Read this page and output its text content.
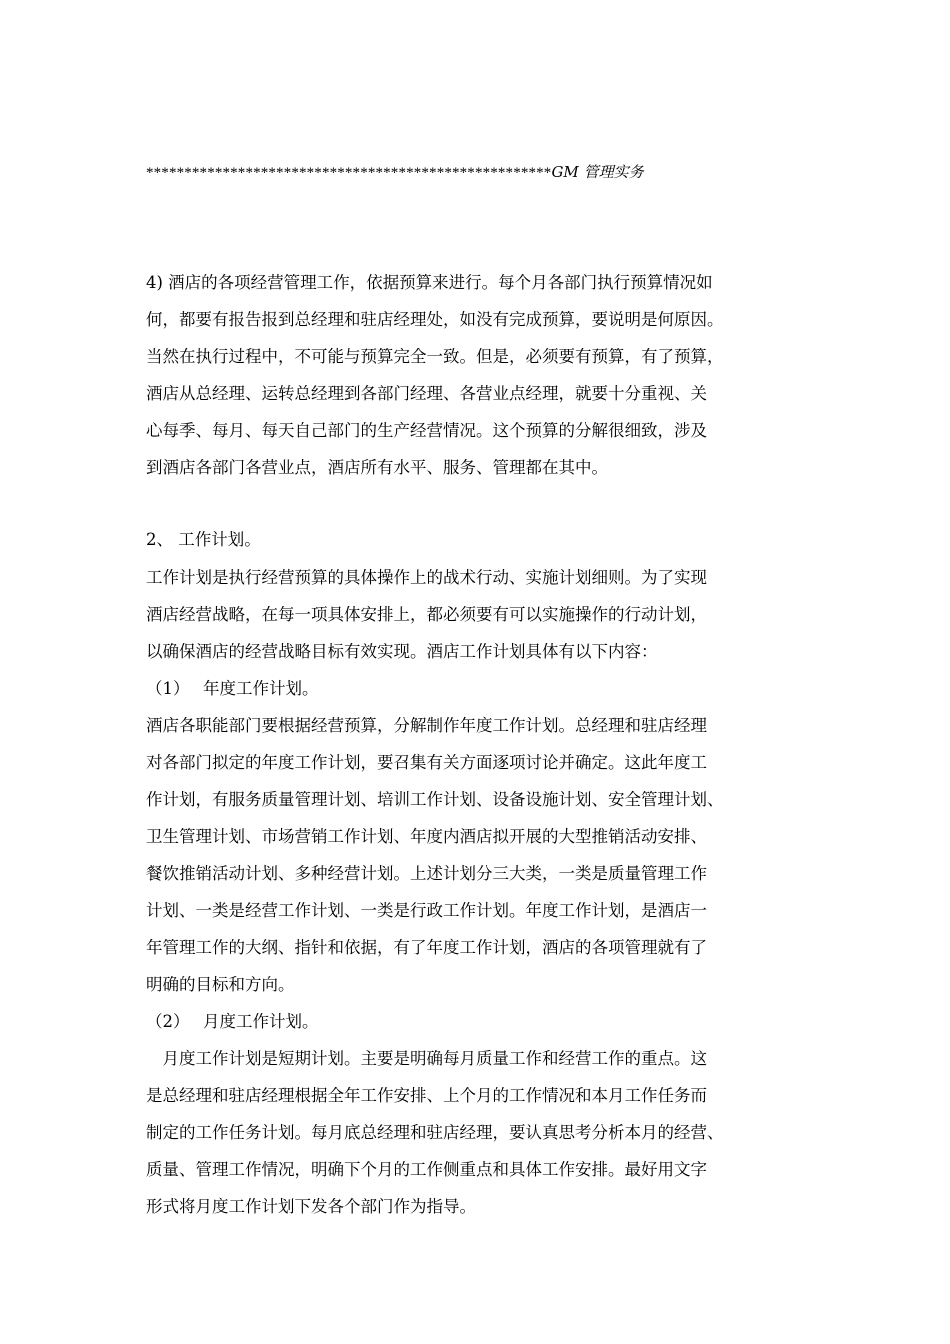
*****************************************************GM 管理实务
4) 酒店的各项经营管理工作，依据预算来进行。每个月各部门执行预算情况如
何，都要有报告报到总经理和驻店经理处，如没有完成预算，要说明是何原因。
当然在执行过程中，不可能与预算完全一致。但是，必须要有预算，有了预算，
酒店从总经理、运转总经理到各部门经理、各营业点经理，就要十分重视、关
心每季、每月、每天自己部门的生产经营情况。这个预算的分解很细致，涉及
到酒店各部门各营业点，酒店所有水平、服务、管理都在其中。
2、 工作计划。
工作计划是执行经营预算的具体操作上的战术行动、实施计划细则。为了实现
酒店经营战略，在每一项具体安排上，都必须要有可以实施操作的行动计划，
以确保酒店的经营战略目标有效实现。酒店工作计划具体有以下内容：
（1）　 年度工作计划。
酒店各职能部门要根据经营预算，分解制作年度工作计划。总经理和驻店经理
对各部门拟定的年度工作计划，要召集有关方面逐项讨论并确定。这此年度工
作计划，有服务质量管理计划、培训工作计划、设备设施计划、安全管理计划、
卫生管理计划、市场营销工作计划、年度内酒店拟开展的大型推销活动安排、
餐饮推销活动计划、多种经营计划。上述计划分三大类，一类是质量管理工作
计划、一类是经营工作计划、一类是行政工作计划。年度工作计划，是酒店一
年管理工作的大纲、指针和依据，有了年度工作计划，酒店的各项管理就有了
明确的目标和方向。
（2）　 月度工作计划。
　月度工作计划是短期计划。主要是明确每月质量工作和经营工作的重点。这
是总经理和驻店经理根据全年工作安排、上个月的工作情况和本月工作任务而
制定的工作任务计划。每月底总经理和驻店经理，要认真思考分析本月的经营、
质量、管理工作情况，明确下个月的工作侧重点和具体工作安排。最好用文字
形式将月度工作计划下发各个部门作为指导。
